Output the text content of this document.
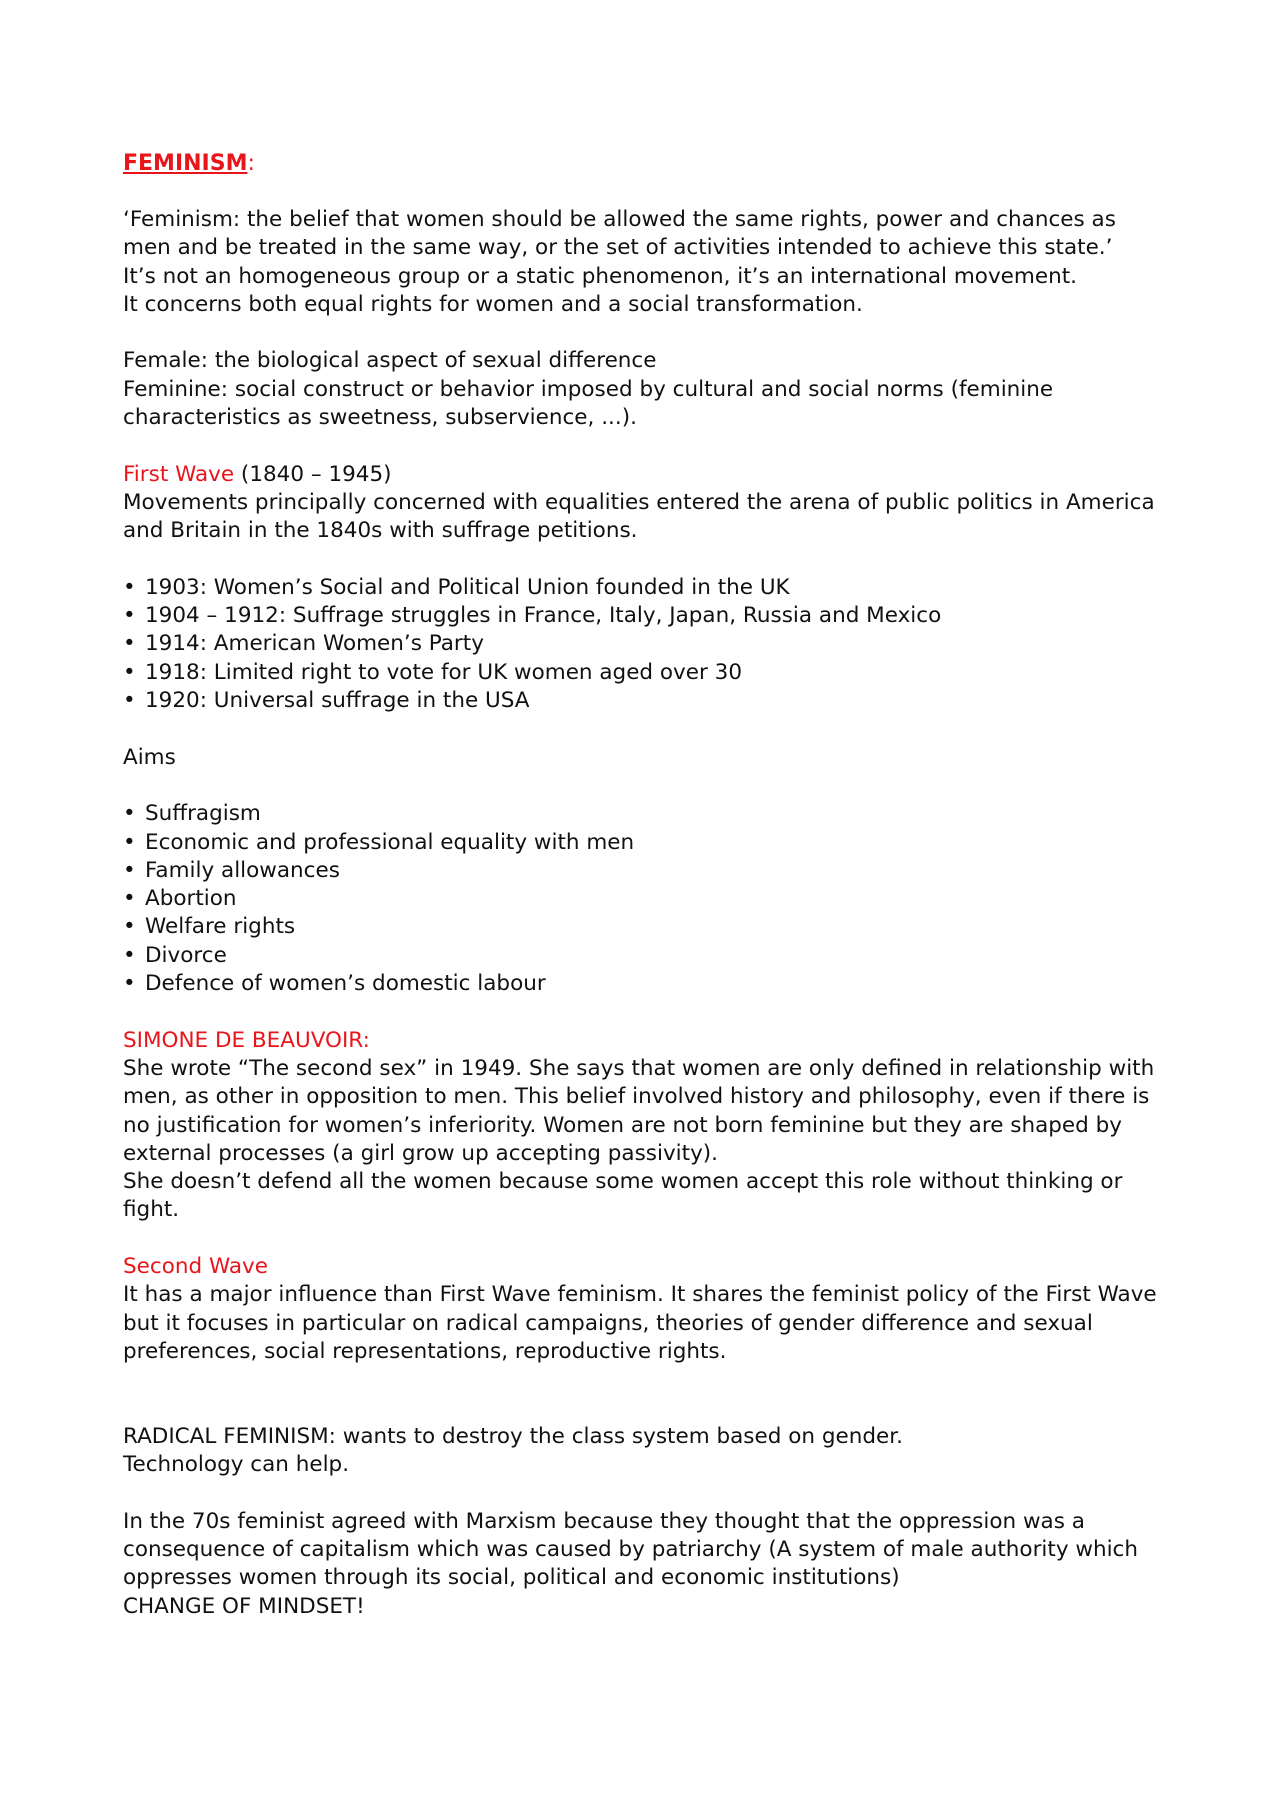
FEMINISM:

‘Feminism: the belief that women should be allowed the same rights, power and chances as men and be treated in the same way, or the set of activities intended to achieve this state.’

It’s not an homogeneous group or a static phenomenon, it’s an international movement.

It concerns both equal rights for women and a social transformation.

Female: the biological aspect of sexual difference

Feminine: social construct or behavior imposed by cultural and social norms (feminine characteristics as sweetness, subservience, ...).

First Wave (1840 – 1945)

Movements principally concerned with equalities entered the arena of public politics in America and Britain in the 1840s with suffrage petitions.

• 1903: Women’s Social and Political Union founded in the UK
• 1904 – 1912: Suffrage struggles in France, Italy, Japan, Russia and Mexico
• 1914: American Women’s Party
• 1918: Limited right to vote for UK women aged over 30
• 1920: Universal suffrage in the USA

Aims

• Suffragism
• Economic and professional equality with men
• Family allowances
• Abortion
• Welfare rights
• Divorce
• Defence of women’s domestic labour

SIMONE DE BEAUVOIR:

She wrote “The second sex” in 1949. She says that women are only defined in relationship with men, as other in opposition to men. This belief involved history and philosophy, even if there is no justification for women’s inferiority. Women are not born feminine but they are shaped by external processes (a girl grow up accepting passivity).

She doesn’t defend all the women because some women accept this role without thinking or fight.

Second Wave

It has a major influence than First Wave feminism. It shares the feminist policy of the First Wave but it focuses in particular on radical campaigns, theories of gender difference and sexual preferences, social representations, reproductive rights.

RADICAL FEMINISM: wants to destroy the class system based on gender.

Technology can help.

In the 70s feminist agreed with Marxism because they thought that the oppression was a consequence of capitalism which was caused by patriarchy (A system of male authority which oppresses women through its social, political and economic institutions)

CHANGE OF MINDSET!
